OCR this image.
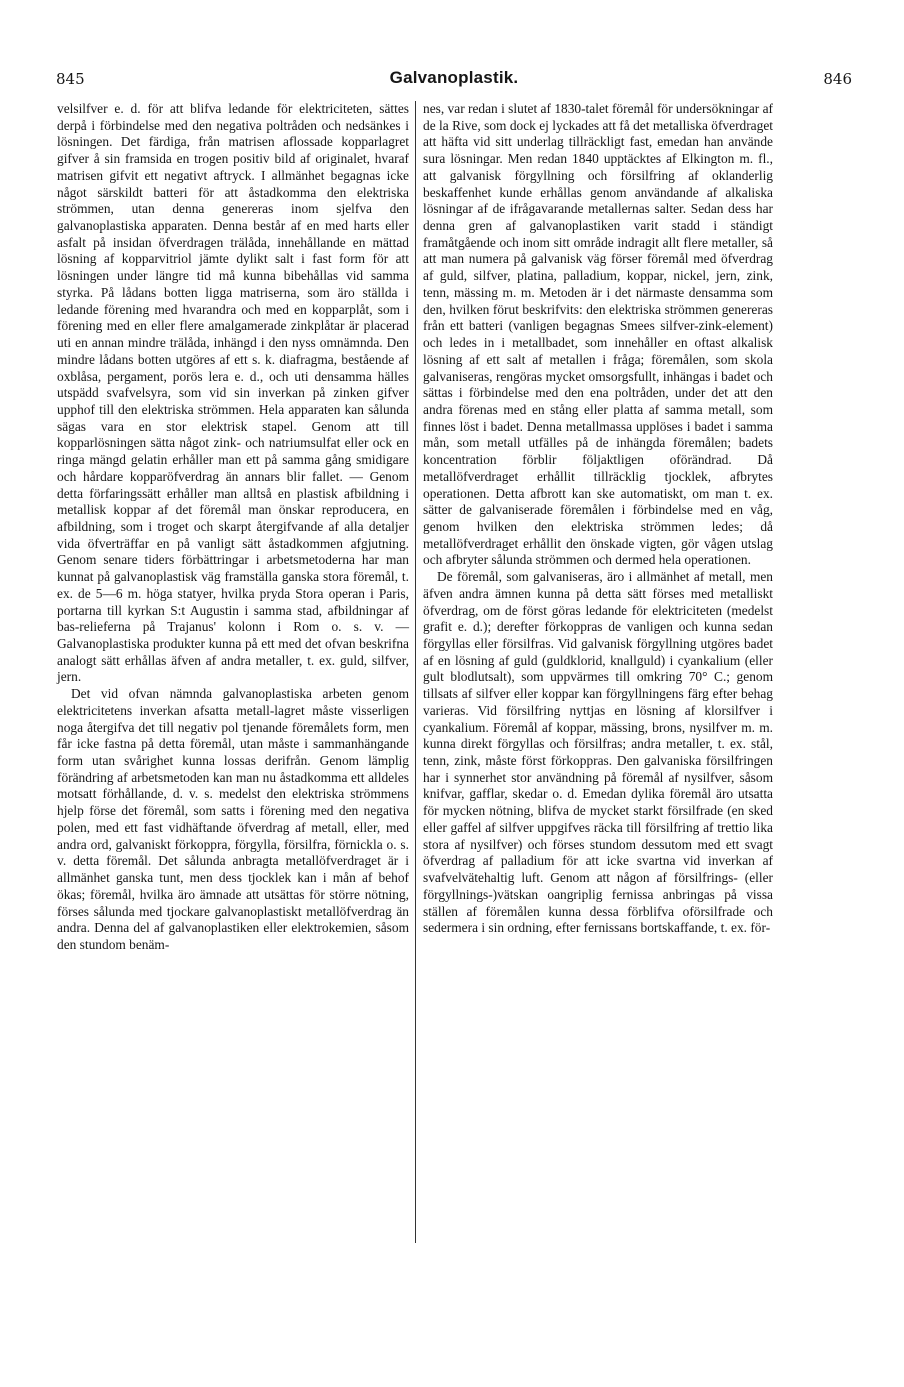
845	Galvanoplastik.	846

velsilfver e. d. för att blifva ledande för elektriciteten, sättes derpå i förbindelse med den negativa poltråden och nedsänkes i lösningen. Det färdiga, från matrisen aflossade kopparlagret gifver å sin framsida en trogen positiv bild af originalet, hvaraf matrisen gifvit ett negativt aftryck. I allmänhet begagnas icke något särskildt batteri för att åstadkomma den elektriska strömmen, utan denna genereras inom sjelfva den galvanoplastiska apparaten. Denna består af en med harts eller asfalt på insidan öfverdragen trälåda, innehållande en mättad lösning af kopparvitriol jämte dylikt salt i fast form för att lösningen under längre tid må kunna bibehållas vid samma styrka. På lådans botten ligga matriserna, som äro ställda i ledande förening med hvarandra och med en kopparplåt, som i förening med en eller flere amalgamerade zinkplåtar är placerad uti en annan mindre trälåda, inhängd i den nyss omnämnda. Den mindre lådans botten utgöres af ett s. k. diafragma, bestående af oxblåsa, pergament, porös lera e. d., och uti densamma hälles utspädd svafvelsyra, som vid sin inverkan på zinken gifver upphof till den elektriska strömmen. Hela apparaten kan sålunda sägas vara en stor elektrisk stapel. Genom att till kopparlösningen sätta något zink- och natriumsulfat eller ock en ringa mängd gelatin erhåller man ett på samma gång smidigare och hårdare kopparöfverdrag än annars blir fallet. — Genom detta förfaringssätt erhåller man alltså en plastisk afbildning i metallisk koppar af det föremål man önskar reproducera, en afbildning, som i troget och skarpt återgifvande af alla detaljer vida öfverträffar en på vanligt sätt åstadkommen afgjutning. Genom senare tiders förbättringar i arbetsmetoderna har man kunnat på galvanoplastisk väg framställa ganska stora föremål, t. ex. de 5—6 m. höga statyer, hvilka pryda Stora operan i Paris, portarna till kyrkan S:t Augustin i samma stad, afbildningar af bas-relieferna på Trajanus' kolonn i Rom o. s. v. — Galvanoplastiska produkter kunna på ett med det ofvan beskrifna analogt sätt erhållas äfven af andra metaller, t. ex. guld, silfver, jern.

Det vid ofvan nämnda galvanoplastiska arbeten genom elektricitetens inverkan afsatta metall-lagret måste visserligen noga återgifva det till negativ pol tjenande föremålets form, men får icke fastna på detta föremål, utan måste i sammanhängande form utan svårighet kunna lossas derifrån. Genom lämplig förändring af arbetsmetoden kan man nu åstadkomma ett alldeles motsatt förhållande, d. v. s. medelst den elektriska strömmens hjelp förse det föremål, som satts i förening med den negativa polen, med ett fast vidhäftande öfverdrag af metall, eller, med andra ord, galvaniskt förkoppra, förgylla, försilfra, förnickla o. s. v. detta föremål. Det sålunda anbragta metallöfverdraget är i allmänhet ganska tunt, men dess tjocklek kan i mån af behof ökas; föremål, hvilka äro ämnade att utsättas för större nötning, förses sålunda med tjockare galvanoplastiskt metallöfverdrag än andra. Denna del af galvanoplastiken eller elektrokemien, såsom den stundom benäm-

nes, var redan i slutet af 1830-talet föremål för undersökningar af de la Rive, som dock ej lyckades att få det metalliska öfverdraget att häfta vid sitt underlag tillräckligt fast, emedan han använde sura lösningar. Men redan 1840 upptäcktes af Elkington m. fl., att galvanisk förgyllning och försilfring af oklanderlig beskaffenhet kunde erhållas genom användande af alkaliska lösningar af de ifrågavarande metallernas salter. Sedan dess har denna gren af galvanoplastiken varit stadd i ständigt framåtgående och inom sitt område indragit allt flere metaller, så att man numera på galvanisk väg förser föremål med öfverdrag af guld, silfver, platina, palladium, koppar, nickel, jern, zink, tenn, mässing m. m. Metoden är i det närmaste densamma som den, hvilken förut beskrifvits: den elektriska strömmen genereras från ett batteri (vanligen begagnas Smees silfver-zink-element) och ledes in i metallbadet, som innehåller en oftast alkalisk lösning af ett salt af metallen i fråga; föremålen, som skola galvaniseras, rengöras mycket omsorgsfullt, inhängas i badet och sättas i förbindelse med den ena poltråden, under det att den andra förenas med en stång eller platta af samma metall, som finnes löst i badet. Denna metallmassa upplöses i badet i samma mån, som metall utfälles på de inhängda föremålen; badets koncentration förblir följaktligen oförändrad. Då metallöfverdraget erhållit tillräcklig tjocklek, afbrytes operationen. Detta afbrott kan ske automatiskt, om man t. ex. sätter de galvaniserade föremålen i förbindelse med en våg, genom hvilken den elektriska strömmen ledes; då metallöfverdraget erhållit den önskade vigten, gör vågen utslag och afbryter sålunda strömmen och dermed hela operationen.

De föremål, som galvaniseras, äro i allmänhet af metall, men äfven andra ämnen kunna på detta sätt förses med metalliskt öfverdrag, om de först göras ledande för elektriciteten (medelst grafit e. d.); derefter förkoppras de vanligen och kunna sedan förgyllas eller försilfras. Vid galvanisk förgyllning utgöres badet af en lösning af guld (guldklorid, knallguld) i cyankalium (eller gult blodlutsalt), som uppvärmes till omkring 70° C.; genom tillsats af silfver eller koppar kan förgyllningens färg efter behag varieras. Vid försilfring nyttjas en lösning af klorsilfver i cyankalium. Föremål af koppar, mässing, brons, nysilfver m. m. kunna direkt förgyllas och försilfras; andra metaller, t. ex. stål, tenn, zink, måste först förkoppras. Den galvaniska försilfringen har i synnerhet stor användning på föremål af nysilfver, såsom knifvar, gafflar, skedar o. d. Emedan dylika föremål äro utsatta för mycken nötning, blifva de mycket starkt försilfrade (en sked eller gaffel af silfver uppgifves räcka till försilfring af trettio lika stora af nysilfver) och förses stundom dessutom med ett svagt öfverdrag af palladium för att icke svartna vid inverkan af svafvelvätehaltig luft. Genom att någon af försilfrings- (eller förgyllnings-)vätskan oangriplig fernissa anbringas på vissa ställen af föremålen kunna dessa förblifva oförsilfrade och sedermera i sin ordning, efter fernissans bortskaffande, t. ex. för-
